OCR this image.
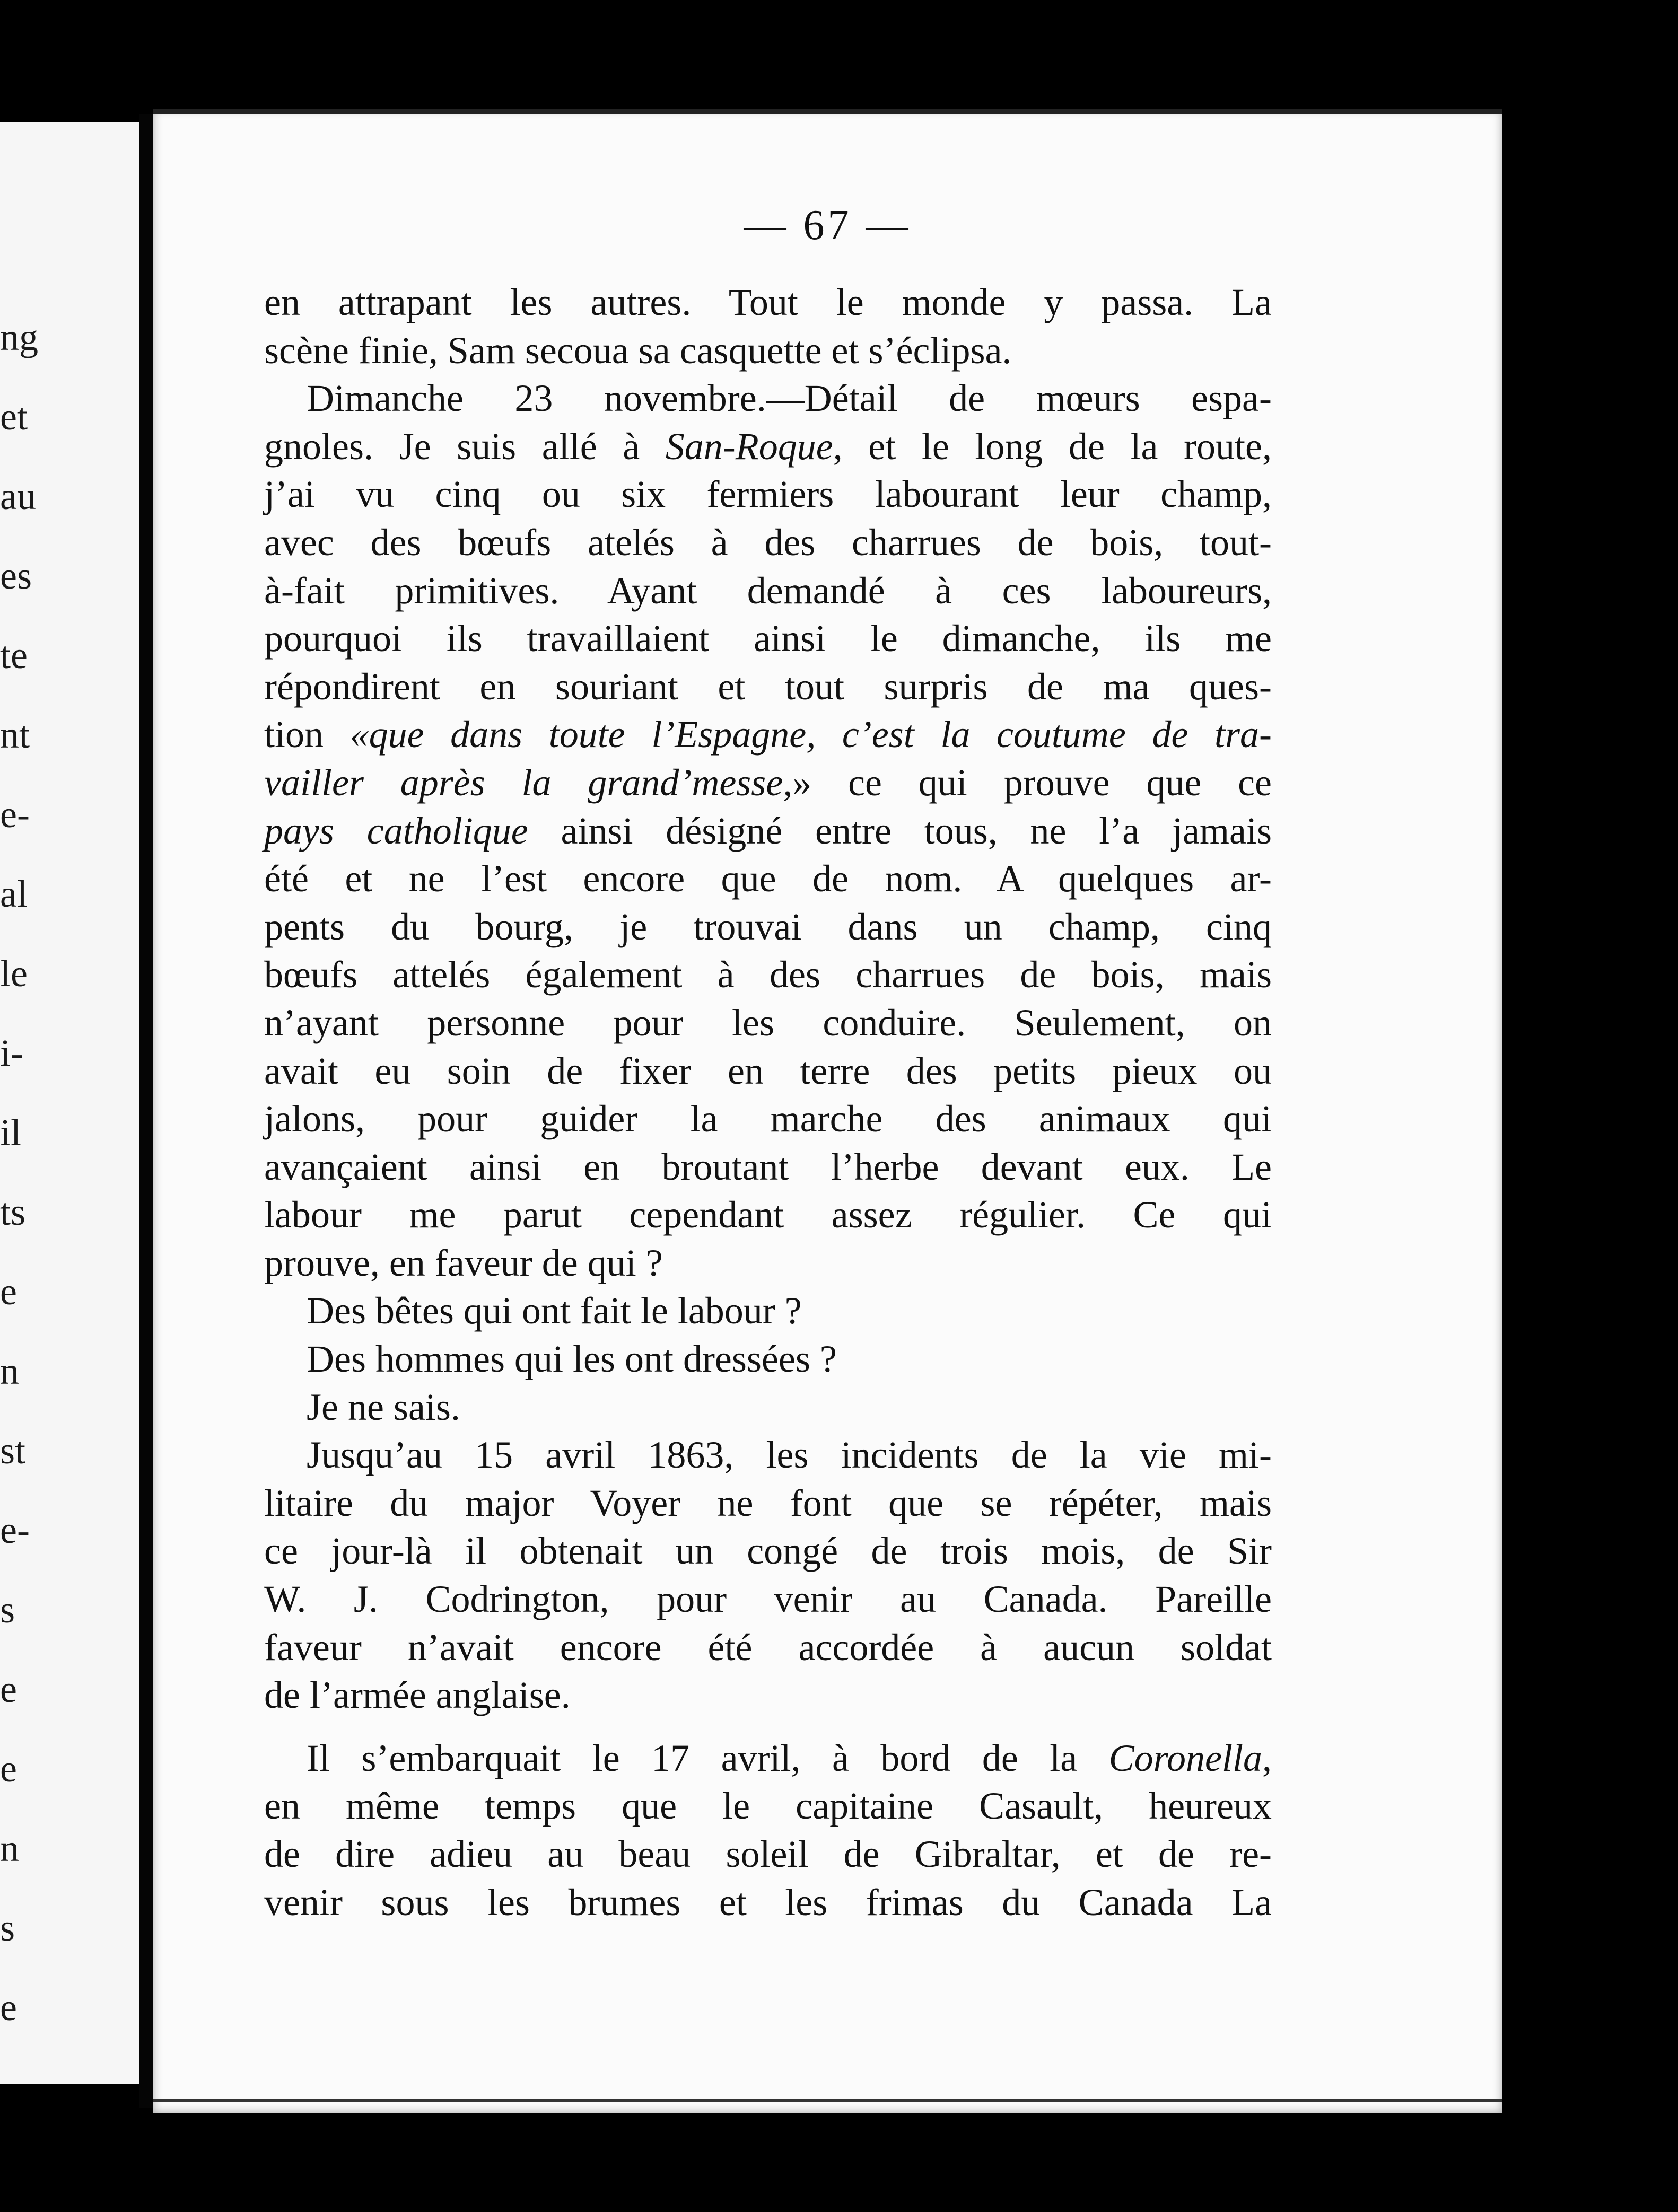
ng
et
au
es
te
nt
e-
al
le
i-
il
ts
e
n
st
e-
s
e
e
n
s
e
— 67 —
en attrapant les autres. Tout le monde y passa. La
scène finie, Sam secoua sa casquette et s’éclipsa.
Dimanche 23 novembre.—Détail de mœurs espa-
gnoles. Je suis allé à San-Roque, et le long de la route,
j’ai vu cinq ou six fermiers labourant leur champ,
avec des bœufs atelés à des charrues de bois, tout-
à-fait primitives. Ayant demandé à ces laboureurs,
pourquoi ils travaillaient ainsi le dimanche, ils me
répondirent en souriant et tout surpris de ma ques-
tion «que dans toute l’Espagne, c’est la coutume de tra-
vailler après la grand’messe,» ce qui prouve que ce
pays catholique ainsi désigné entre tous, ne l’a jamais
été et ne l’est encore que de nom. A quelques ar-
pents du bourg, je trouvai dans un champ, cinq
bœufs attelés également à des charrues de bois, mais
n’ayant personne pour les conduire. Seulement, on
avait eu soin de fixer en terre des petits pieux ou
jalons, pour guider la marche des animaux qui
avançaient ainsi en broutant l’herbe devant eux. Le
labour me parut cependant assez régulier. Ce qui
prouve, en faveur de qui ?
Des bêtes qui ont fait le labour ?
Des hommes qui les ont dressées ?
Je ne sais.
Jusqu’au 15 avril 1863, les incidents de la vie mi-
litaire du major Voyer ne font que se répéter, mais
ce jour-là il obtenait un congé de trois mois, de Sir
W. J. Codrington, pour venir au Canada. Pareille
faveur n’avait encore été accordée à aucun soldat
de l’armée anglaise.
Il s’embarquait le 17 avril, à bord de la Coronella,
en même temps que le capitaine Casault, heureux
de dire adieu au beau soleil de Gibraltar, et de re-
venir sous les brumes et les frimas du Canada La
